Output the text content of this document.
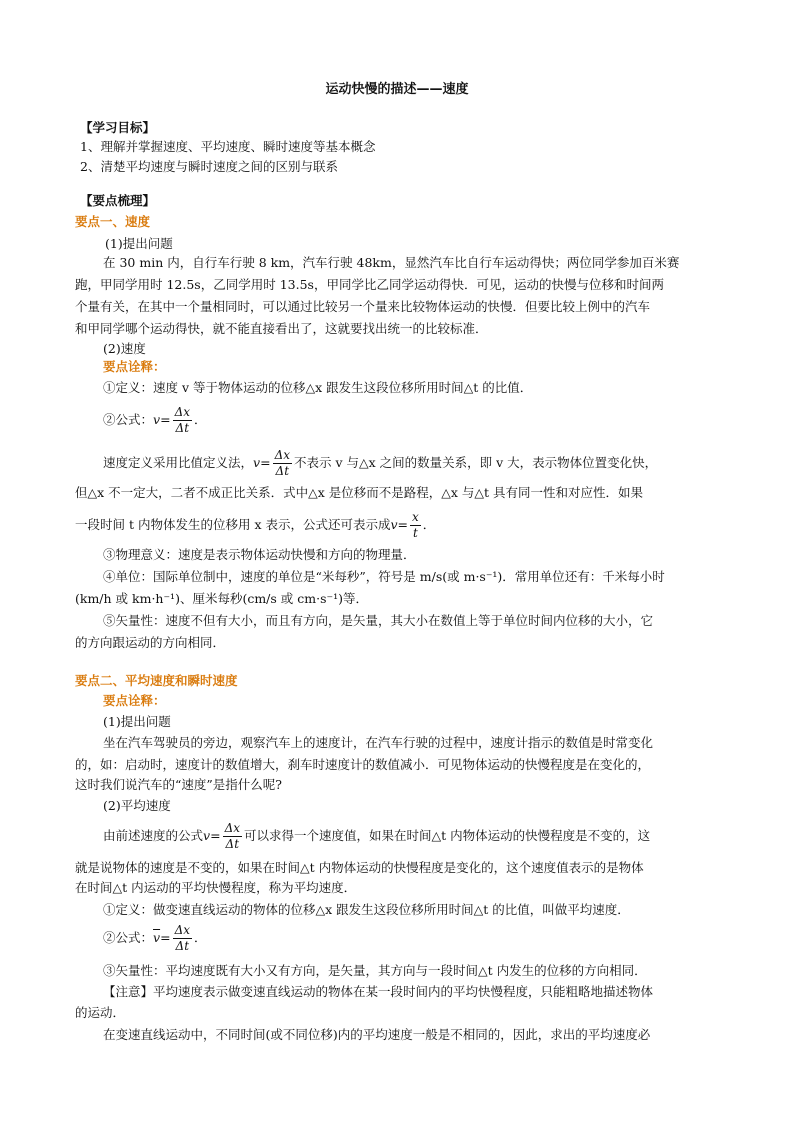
运动快慢的描述——速度
【学习目标】
1、理解并掌握速度、平均速度、瞬时速度等基本概念
2、清楚平均速度与瞬时速度之间的区别与联系
【要点梳理】
要点一、速度
(1)提出问题
在 30 min 内，自行车行驶 8 km，汽车行驶 48km，显然汽车比自行车运动得快；两位同学参加百米赛
跑，甲同学用时 12.5s，乙同学用时 13.5s，甲同学比乙同学运动得快．可见，运动的快慢与位移和时间两
个量有关，在其中一个量相同时，可以通过比较另一个量来比较物体运动的快慢．但要比较上例中的汽车
和甲同学哪个运动得快，就不能直接看出了，这就要找出统一的比较标准．
(2)速度
要点诠释：
①定义：速度 v 等于物体运动的位移△x 跟发生这段位移所用时间△t 的比值．
②公式： $v = \frac{\Delta x}{\Delta t}$ ．
速度定义采用比值定义法， $v = \frac{\Delta x}{\Delta t}$ 不表示 v 与△x 之间的数量关系，即 v 大，表示物体位置变化快，
但△x 不一定大，二者不成正比关系．式中△x 是位移而不是路程，△x 与△t 具有同一性和对应性．如果
一段时间 t 内物体发生的位移用 x 表示，公式还可表示成 $v = \frac{x}{t}$ ．
③物理意义：速度是表示物体运动快慢和方向的物理量．
④单位：国际单位制中，速度的单位是“米每秒”，符号是 m/s(或 m·s⁻¹)．常用单位还有：千米每小时
(km/h 或 km·h⁻¹)、厘米每秒(cm/s 或 cm·s⁻¹)等．
⑤矢量性：速度不但有大小，而且有方向，是矢量，其大小在数值上等于单位时间内位移的大小，它
的方向跟运动的方向相同．
要点二、平均速度和瞬时速度
要点诠释：
(1)提出问题
坐在汽车驾驶员的旁边，观察汽车上的速度计，在汽车行驶的过程中，速度计指示的数值是时常变化
的，如：启动时，速度计的数值增大，刹车时速度计的数值减小．可见物体运动的快慢程度是在变化的，
这时我们说汽车的“速度”是指什么呢?
(2)平均速度
由前述速度的公式 $v = \frac{\Delta x}{\Delta t}$ 可以求得一个速度值，如果在时间△t 内物体运动的快慢程度是不变的，这
就是说物体的速度是不变的，如果在时间△t 内物体运动的快慢程度是变化的，这个速度值表示的是物体
在时间△t 内运动的平均快慢程度，称为平均速度．
①定义：做变速直线运动的物体的位移△x 跟发生这段位移所用时间△t 的比值，叫做平均速度．
②公式： $\overline{v} = \frac{\Delta x}{\Delta t}$ ．
③矢量性：平均速度既有大小又有方向，是矢量，其方向与一段时间△t 内发生的位移的方向相同．
【注意】平均速度表示做变速直线运动的物体在某一段时间内的平均快慢程度，只能粗略地描述物体
的运动．
在变速直线运动中，不同时间(或不同位移)内的平均速度一般是不相同的，因此，求出的平均速度必
